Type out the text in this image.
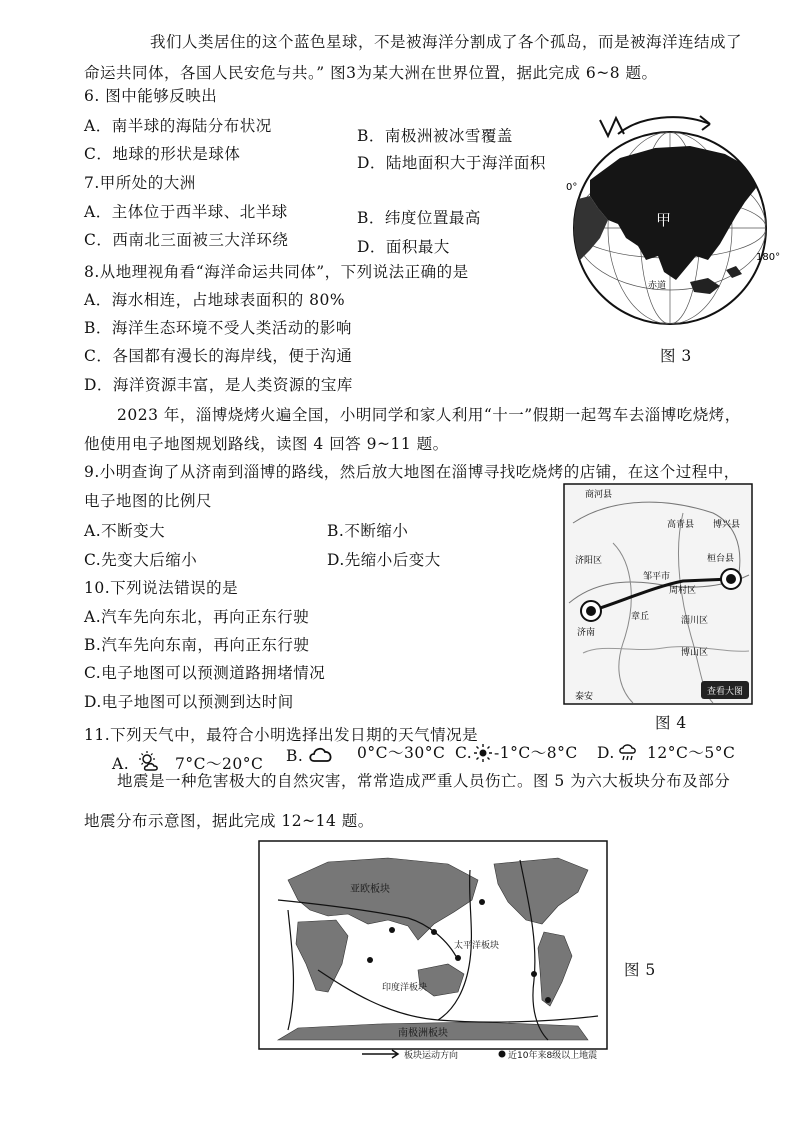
我们人类居住的这个蓝色星球，不是被海洋分割成了各个孤岛，而是被海洋连结成了
命运共同体，各国人民安危与共。” 图3为某大洲在世界位置，据此完成 6~8 题。
6. 图中能够反映出
A．南半球的海陆分布状况
B．南极洲被冰雪覆盖
C．地球的形状是球体	D．陆地面积大于海洋面积
7.甲所处的大洲
A．主体位于西半球、北半球	B．纬度位置最高
C．西南北三面被三大洋环绕	D．面积最大
8.从地理视角看“海洋命运共同体”，下列说法正确的是
A．海水相连，占地球表面积的 80%
B．海洋生态环境不受人类活动的影响
C．各国都有漫长的海岸线，便于沟通
D．海洋资源丰富，是人类资源的宝库
甲
0°
180°
赤道
图 3
2023 年，淄博烧烤火遍全国，小明同学和家人利用“十一”假期一起驾车去淄博吃烧烤，
他使用电子地图规划路线，读图 4 回答 9~11 题。
9.小明查询了从济南到淄博的路线，然后放大地图在淄博寻找吃烧烤的店铺，在这个过程中，
电子地图的比例尺
A.不断变大	B.不断缩小
C.先变大后缩小	D.先缩小后变大
10.下列说法错误的是
A.汽车先向东北，再向正东行驶
B.汽车先向东南，再向正东行驶
C.电子地图可以预测道路拥堵情况
D.电子地图可以预测到达时间
商河县
高青县 博兴县
济阳区	桓台县
邹平市
周村区
章丘	淄川区
济南
博山区
泰安	查看大图
图 4
11.下列天气中，最符合小明选择出发日期的天气情况是
A.	7°C～20°C B.	0°C～30°C C. -1°C～8°C D. 12°C～5°C
地震是一种危害极大的自然灾害，常常造成严重人员伤亡。图 5 为六大板块分布及部分
地震分布示意图，据此完成 12~14 题。
亚欧板块
太平洋板块
印度洋板块
南极洲板块
板块运动方向	近10年来8级以上地震
图 5
